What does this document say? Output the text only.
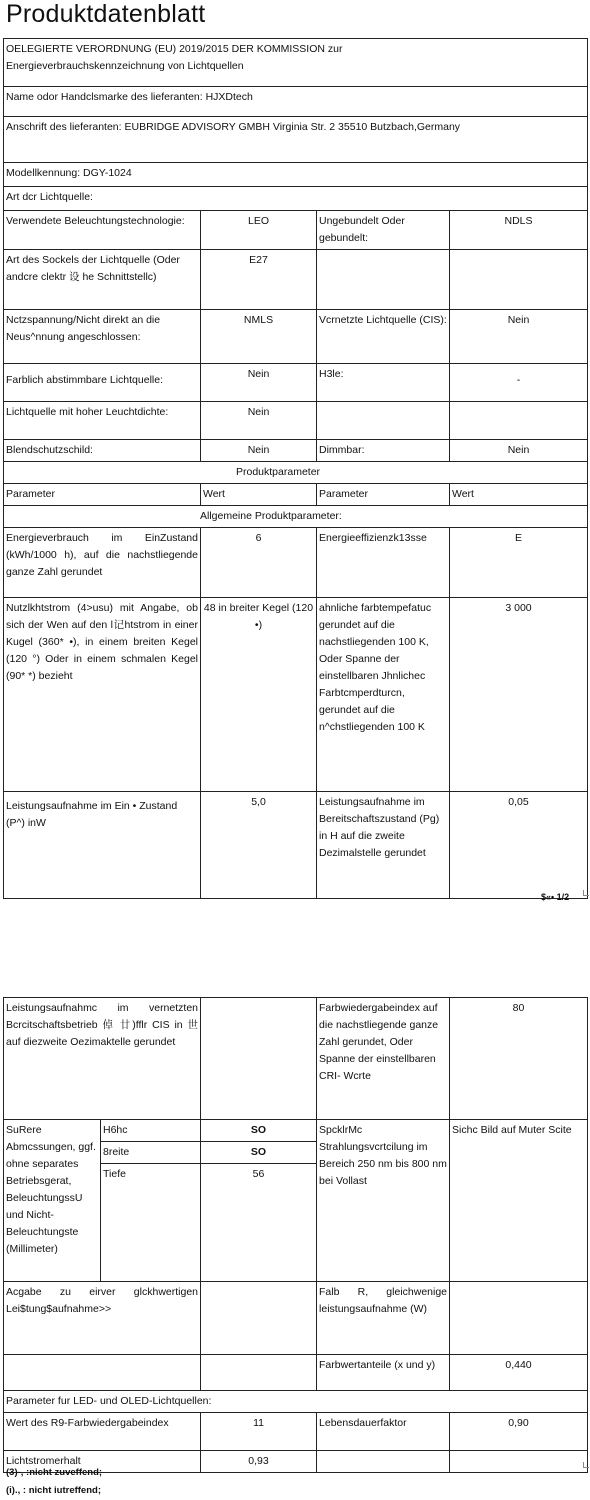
Produktdatenblatt
OELEGIERTE VERORDNUNG (EU) 2019/2015 DER KOMMISSION zur
Energieverbrauchskennzeichnung von Lichtquellen			

Name odor Handclsmarke des lieferanten: HJXDtech			
Anschrift des lieferanten: EUBRIDGE ADVISORY GMBH Virginia Str. 2 35510 Butzbach,Germany			
Modellkennung: DGY-1024			
Art dcr Lichtquelle:			
Verwendete Beleuchtungstechnologie:	LEO	Ungebundelt Oder gebundelt:	NDLS
Art des Sockels der Lichtquelle (Oder andcre clektr 设 he Schnittstellc)	E27		
Nctzspannung/Nicht direkt an die Neus^nnung angeschlossen:	NMLS	Vcrnetzte Lichtquelle (CIS):	Nein
Farblich abstimmbare Lichtquelle:	Nein	H3le:	-
Lichtquelle mit hoher Leuchtdichte:	Nein		
Blendschutzschild:	Nein	Dimmbar:	Nein
Produktparameter			
Parameter	Wert	Parameter	Wert
Allgemeine Produktparameter:			
Energieverbrauch im EinZustand (kWh/1000 h), auf die nachstliegende ganze Zahl gerundet	6	Energieeffizienzk13sse	E
Nutzlkhtstrom (4>usu) mit Angabe, ob sich der Wen auf den l记htstrom in einer Kugel (360* •), in einem breiten Kegel (120 °) Oder in einem schmalen Kegel (90* *) bezieht	48 in breiter Kegel (120 •)	ahnliche farbtempefatuc gerundet auf die nachstliegenden 100 K, Oder Spanne der einstellbaren Jhnlichec Farbtcmperdturcn, gerundet auf die n^chstliegenden 100 K	3 000
Leistungsaufnahme im Ein • Zustand (P^) inW	5,0	Leistungsaufnahme im Bereitschaftszustand (Pg) in H auf die zweite Dezimalstelle gerundet	0,05
$«• 1/2
Leistungsaufnahmc im vernetzten Bcrcitschaftsbetrieb 倬 廿)fflr CIS in 世 auf diezweite Oezimaktelle gerundet			Farbwiedergabeindex auf die nachstliegende ganze Zahl gerundet, Oder Spanne der einstellbaren CRI- Wcrte	80
SuRere Abmcssungen, ggf. ohne separates Betriebsgerat, BeleuchtungssU und Nicht-Beleuchtungste (Millimeter)	H6hc	SO	SpcklrMc Strahlungsvcrtcilung im Bereich 250 nm bis 800 nm bei Vollast	Sichc Bild auf Muter Scite
	8reite	SO		
	Tiefe	56		
Acgabe zu eirver glckhwertigen Lei$tung$aufnahme>>			Falb R, gleichwenige leistungsaufnahme (W)	
			Farbwertanteile (x und y)	0,440
Parameter fur LED- und OLED-Lichtquellen:				
Wert des R9-Farbwiedergabeindex		11	Lebensdauerfaktor	0,90
Lichtstromerhalt		0,93		
(3)-, :nicht zuveffend;
(і)., : nicht iutreffend;
